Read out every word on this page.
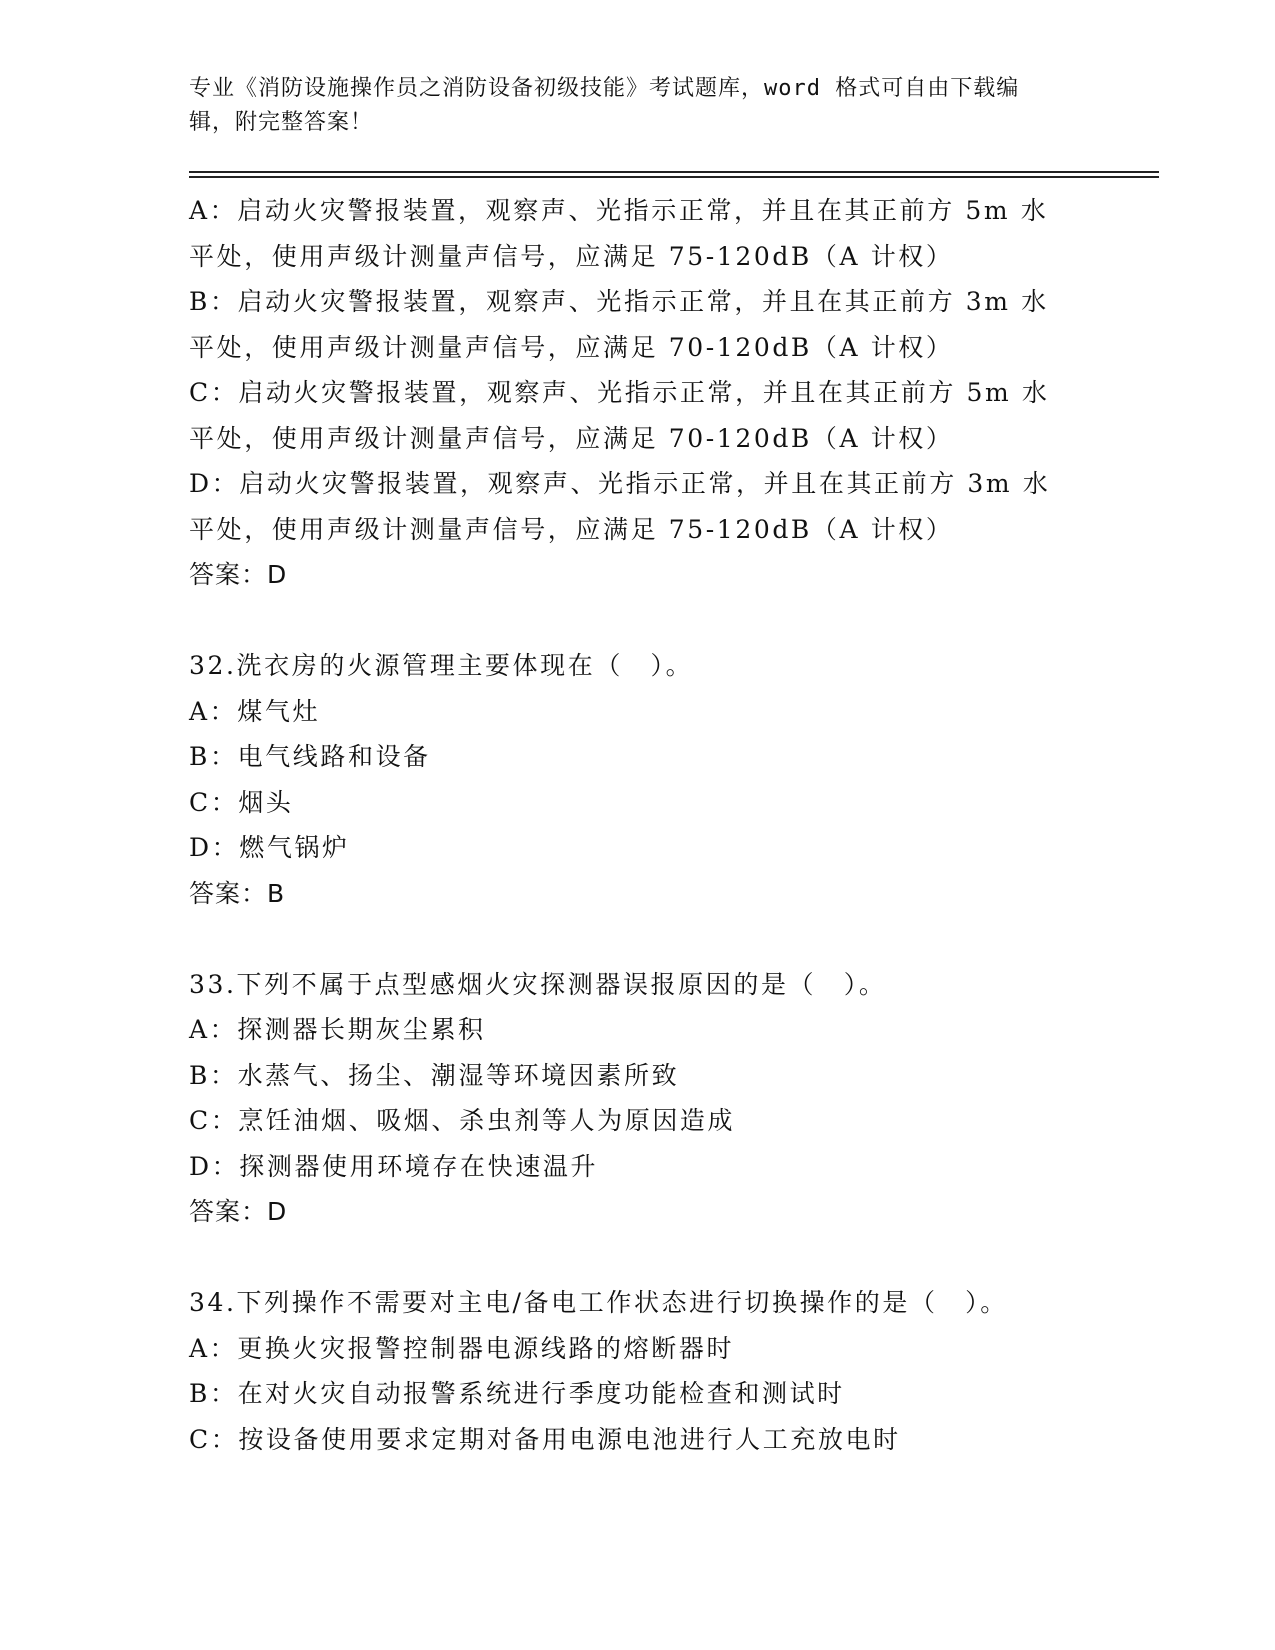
专业《消防设施操作员之消防设备初级技能》考试题库，word 格式可自由下载编
辑，附完整答案！
A：启动火灾警报装置，观察声、光指示正常，并且在其正前方 5m 水
平处，使用声级计测量声信号，应满足 75-120dB（A 计权）
B：启动火灾警报装置，观察声、光指示正常，并且在其正前方 3m 水
平处，使用声级计测量声信号，应满足 70-120dB（A 计权）
C：启动火灾警报装置，观察声、光指示正常，并且在其正前方 5m 水
平处，使用声级计测量声信号，应满足 70-120dB（A 计权）
D：启动火灾警报装置，观察声、光指示正常，并且在其正前方 3m 水
平处，使用声级计测量声信号，应满足 75-120dB（A 计权）
答案：D
32.洗衣房的火源管理主要体现在（　）。
A：煤气灶
B：电气线路和设备
C：烟头
D：燃气锅炉
答案：B
33.下列不属于点型感烟火灾探测器误报原因的是（　）。
A：探测器长期灰尘累积
B：水蒸气、扬尘、潮湿等环境因素所致
C：烹饪油烟、吸烟、杀虫剂等人为原因造成
D：探测器使用环境存在快速温升
答案：D
34.下列操作不需要对主电/备电工作状态进行切换操作的是（　）。
A：更换火灾报警控制器电源线路的熔断器时
B：在对火灾自动报警系统进行季度功能检查和测试时
C：按设备使用要求定期对备用电源电池进行人工充放电时
